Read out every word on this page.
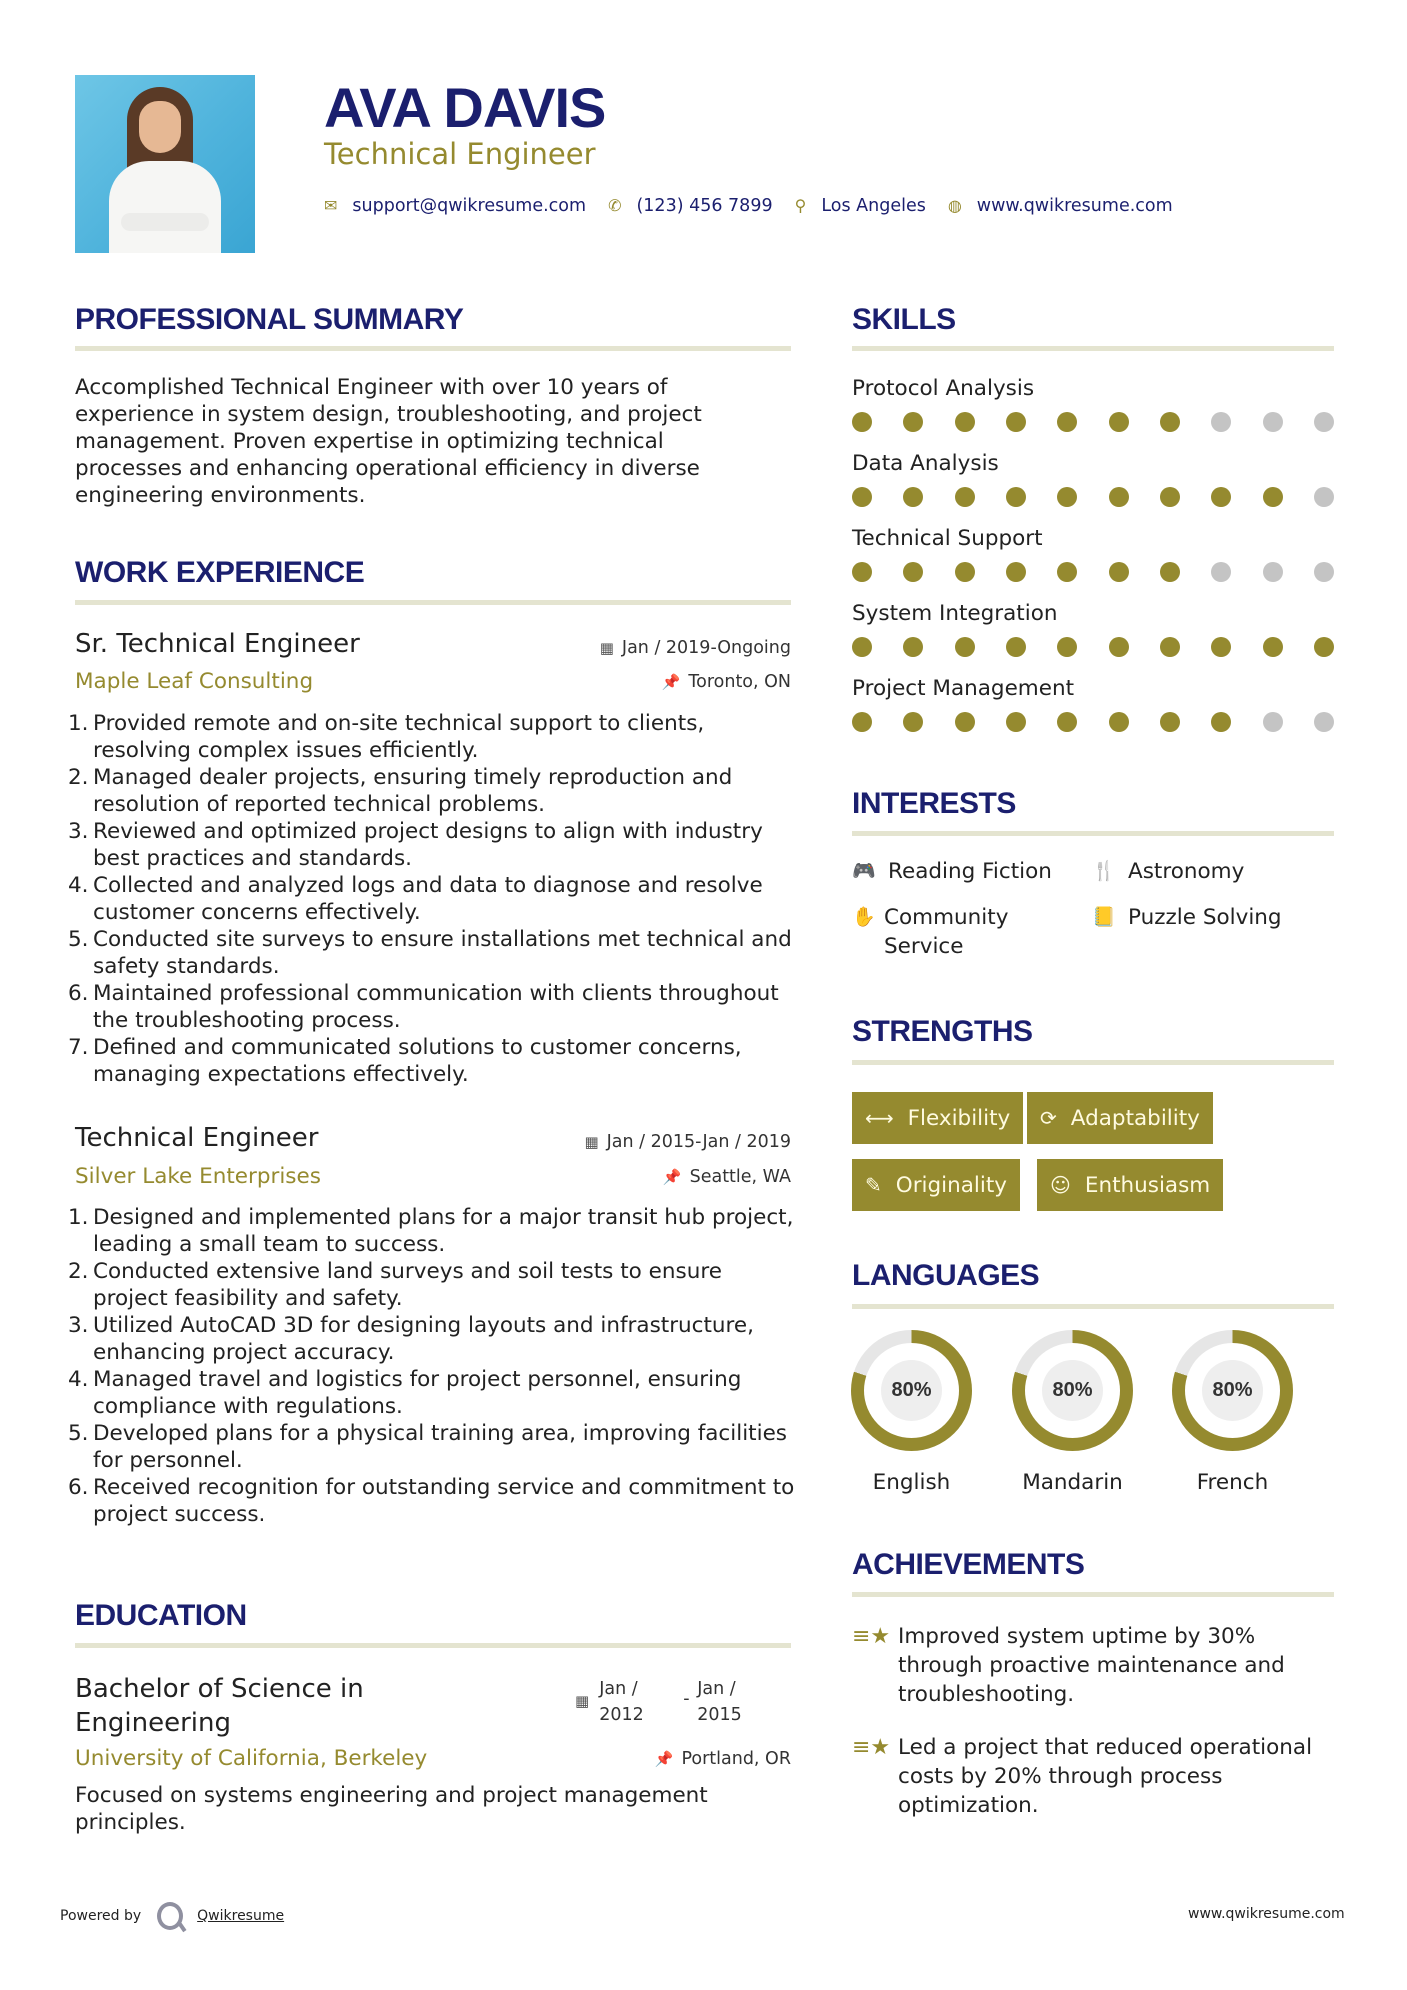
AVA DAVIS
Technical Engineer
✉ support@qwikresume.com ✆ (123) 456 7899 ⚲ Los Angeles ◍ www.qwikresume.com
PROFESSIONAL SUMMARY
Accomplished Technical Engineer with over 10 years of experience in system design, troubleshooting, and project management. Proven expertise in optimizing technical processes and enhancing operational efficiency in diverse engineering environments.
WORK EXPERIENCE
Sr. Technical Engineer	▦ Jan / 2019-Ongoing
Maple Leaf Consulting	📌 Toronto, ON
1. Provided remote and on-site technical support to clients, resolving complex issues efficiently.
2. Managed dealer projects, ensuring timely reproduction and resolution of reported technical problems.
3. Reviewed and optimized project designs to align with industry best practices and standards.
4. Collected and analyzed logs and data to diagnose and resolve customer concerns effectively.
5. Conducted site surveys to ensure installations met technical and safety standards.
6. Maintained professional communication with clients throughout the troubleshooting process.
7. Defined and communicated solutions to customer concerns, managing expectations effectively.
Technical Engineer	▦ Jan / 2015-Jan / 2019
Silver Lake Enterprises	📌 Seattle, WA
1. Designed and implemented plans for a major transit hub project, leading a small team to success.
2. Conducted extensive land surveys and soil tests to ensure project feasibility and safety.
3. Utilized AutoCAD 3D for designing layouts and infrastructure, enhancing project accuracy.
4. Managed travel and logistics for project personnel, ensuring compliance with regulations.
5. Developed plans for a physical training area, improving facilities for personnel.
6. Received recognition for outstanding service and commitment to project success.
EDUCATION
Bachelor of Science in Engineering
▦
Jan / 2012
- Jan / 2015
University of California, Berkeley	📌 Portland, OR
Focused on systems engineering and project management principles.
SKILLS
Protocol Analysis
Data Analysis
Technical Support
System Integration
Project Management
INTERESTS
🎮 Reading Fiction 🍴 Astronomy
✋ Community Service
📒 Puzzle Solving
STRENGTHS
⟷ Flexibility ⟳ Adaptability
✎ Originality ☺ Enthusiasm
LANGUAGES
80%
English
80%
Mandarin
80%
French
ACHIEVEMENTS
≡★ Improved system uptime by 30% through proactive maintenance and troubleshooting.
≡★ Led a project that reduced operational costs by 20% through process optimization.
Powered by	Qwikresume	www.qwikresume.com
